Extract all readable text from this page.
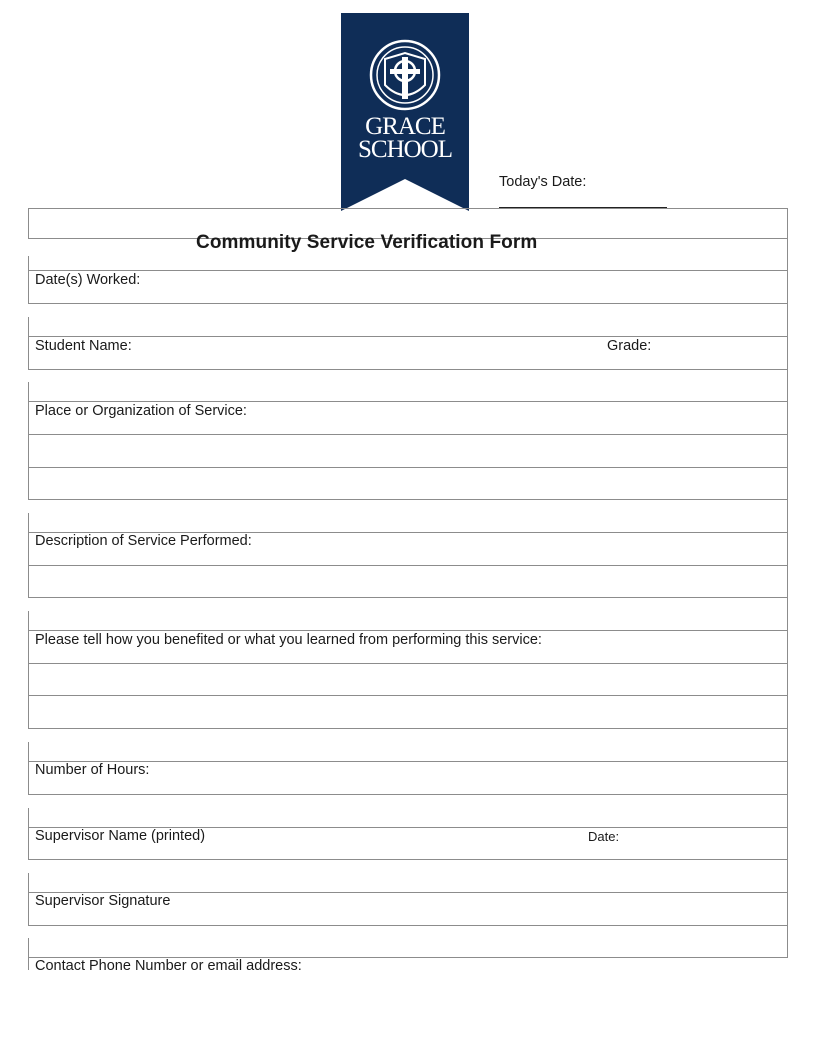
GRACE
SCHOOL
Today's Date:
Community Service Verification Form
Date(s) Worked:
Student Name:	Grade:
Place or Organization of Service:
Description of Service Performed:
Please tell how you benefited or what you learned from performing this service:
Number of Hours:
Supervisor Name (printed)	Date:
Supervisor Signature
Contact Phone Number or email address:
